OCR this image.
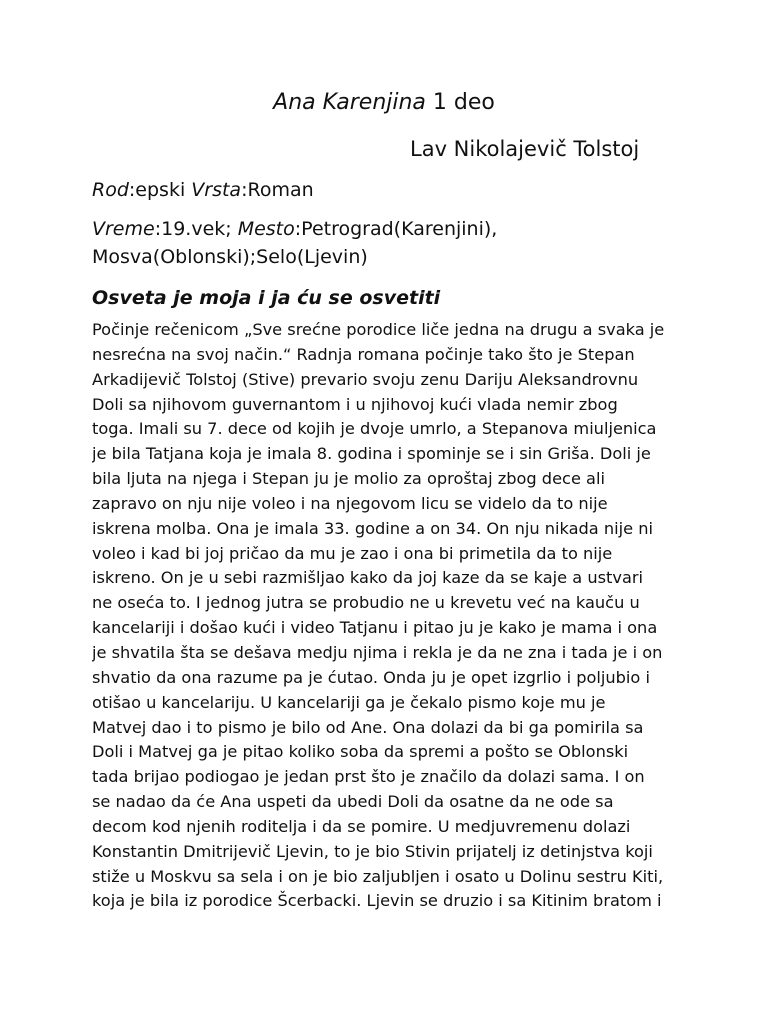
Ana Karenjina 1 deo
Lav Nikolajevič Tolstoj
Rod:epski Vrsta:Roman
Vreme:19.vek; Mesto:Petrograd(Karenjini),
Mosva(Oblonski);Selo(Ljevin)
Osveta je moja i ja ću se osvetiti
Počinje rečenicom „Sve srećne porodice liče jedna na drugu a svaka je
nesrećna na svoj način.“ Radnja romana počinje tako što je Stepan
Arkadijevič Tolstoj (Stive) prevario svoju zenu Dariju Aleksandrovnu
Doli sa njihovom guvernantom i u njihovoj kući vlada nemir zbog
toga. Imali su 7. dece od kojih je dvoje umrlo, a Stepanova miuljenica
je bila Tatjana koja je imala 8. godina i spominje se i sin Griša. Doli je
bila ljuta na njega i Stepan ju je molio za oproštaj zbog dece ali
zapravo on nju nije voleo i na njegovom licu se videlo da to nije
iskrena molba. Ona je imala 33. godine a on 34. On nju nikada nije ni
voleo i kad bi joj pričao da mu je zao i ona bi primetila da to nije
iskreno. On je u sebi razmišljao kako da joj kaze da se kaje a ustvari
ne oseća to. I jednog jutra se probudio ne u krevetu već na kauču u
kancelariji i došao kući i video Tatjanu i pitao ju je kako je mama i ona
je shvatila šta se dešava medju njima i rekla je da ne zna i tada je i on
shvatio da ona razume pa je ćutao. Onda ju je opet izgrlio i poljubio i
otišao u kancelariju. U kancelariji ga je čekalo pismo koje mu je
Matvej dao i to pismo je bilo od Ane. Ona dolazi da bi ga pomirila sa
Doli i Matvej ga je pitao koliko soba da spremi a pošto se Oblonski
tada brijao podiogao je jedan prst što je značilo da dolazi sama. I on
se nadao da će Ana uspeti da ubedi Doli da osatne da ne ode sa
decom kod njenih roditelja i da se pomire. U medjuvremenu dolazi
Konstantin Dmitrijevič Ljevin, to je bio Stivin prijatelj iz detinjstva koji
stiže u Moskvu sa sela i on je bio zaljubljen i osato u Dolinu sestru Kiti,
koja je bila iz porodice Šcerbacki. Ljevin se druzio i sa Kitinim bratom i
